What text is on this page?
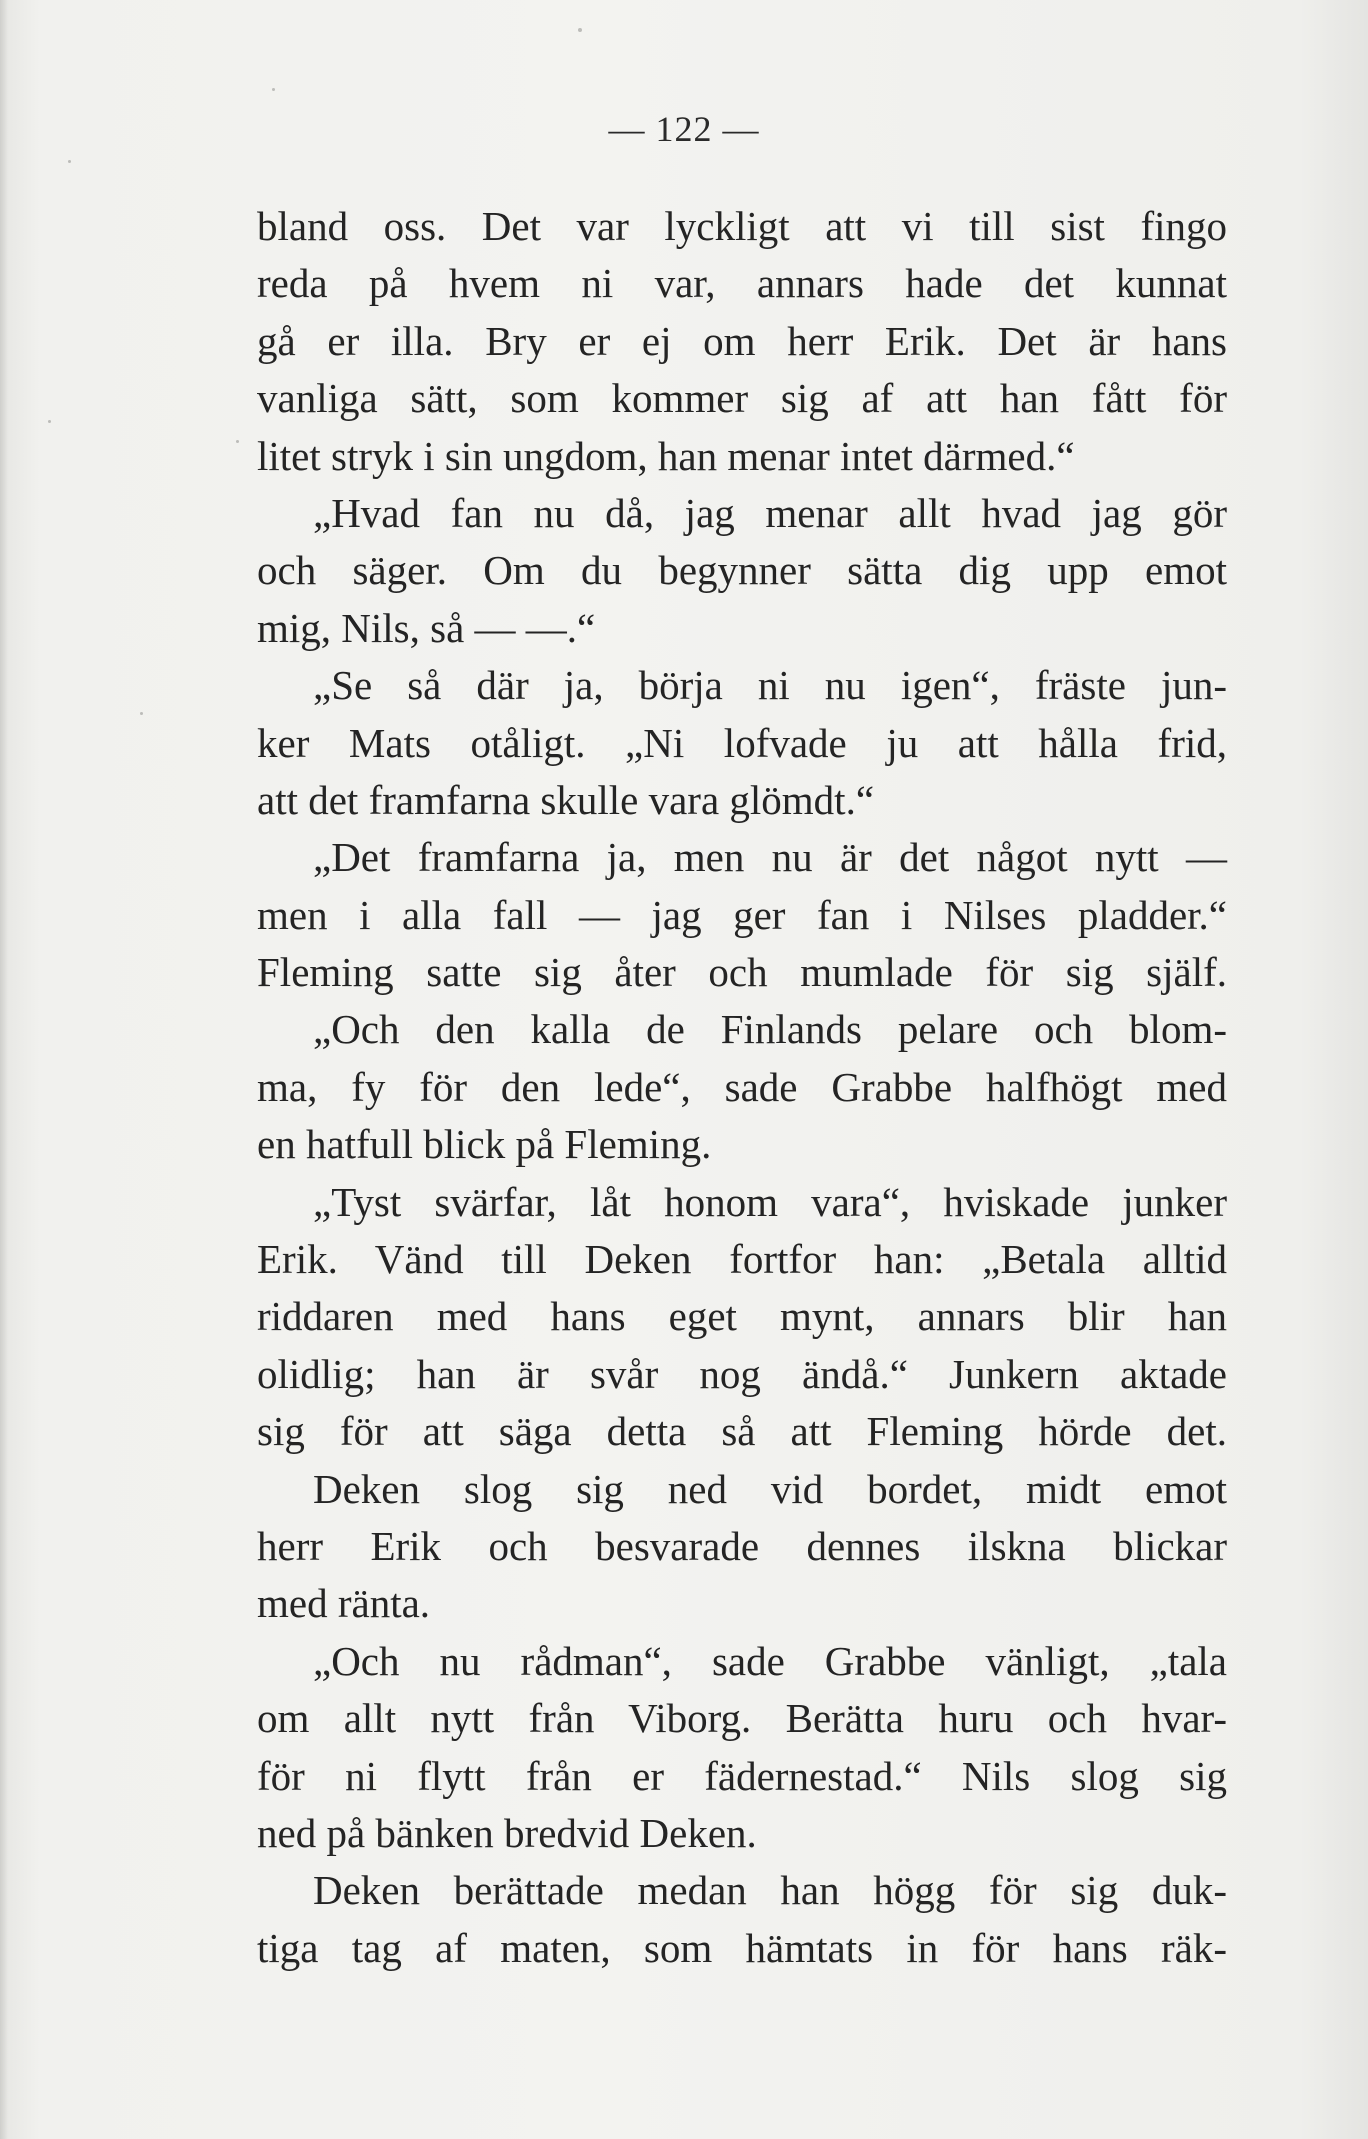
— 122 —
bland oss. Det var lyckligt att vi till sist fingo
reda på hvem ni var, annars hade det kunnat
gå er illa. Bry er ej om herr Erik. Det är hans
vanliga sätt, som kommer sig af att han fått för
litet stryk i sin ungdom, han menar intet därmed.“
„Hvad fan nu då, jag menar allt hvad jag gör
och säger. Om du begynner sätta dig upp emot
mig, Nils, så — —.“
„Se så där ja, börja ni nu igen“, fräste jun-
ker Mats otåligt. „Ni lofvade ju att hålla frid,
att det framfarna skulle vara glömdt.“
„Det framfarna ja, men nu är det något nytt —
men i alla fall — jag ger fan i Nilses pladder.“
Fleming satte sig åter och mumlade för sig själf.
„Och den kalla de Finlands pelare och blom-
ma, fy för den lede“, sade Grabbe halfhögt med
en hatfull blick på Fleming.
„Tyst svärfar, låt honom vara“, hviskade junker
Erik. Vänd till Deken fortfor han: „Betala alltid
riddaren med hans eget mynt, annars blir han
olidlig; han är svår nog ändå.“ Junkern aktade
sig för att säga detta så att Fleming hörde det.
Deken slog sig ned vid bordet, midt emot
herr Erik och besvarade dennes ilskna blickar
med ränta.
„Och nu rådman“, sade Grabbe vänligt, „tala
om allt nytt från Viborg. Berätta huru och hvar-
för ni flytt från er fädernestad.“ Nils slog sig
ned på bänken bredvid Deken.
Deken berättade medan han högg för sig duk-
tiga tag af maten, som hämtats in för hans räk-
